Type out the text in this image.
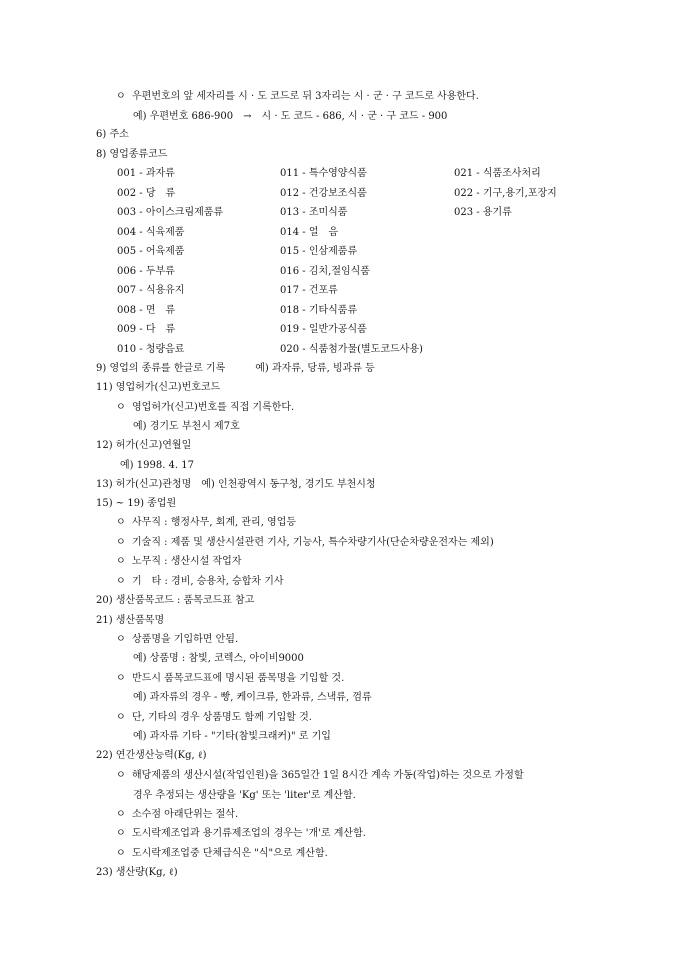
ㅇ 우편번호의 앞 세자리를 시 · 도 코드로 뒤 3자리는 시 · 군 · 구 코드로 사용한다.
예) 우편번호 686-900　→　시 · 도 코드 - 686, 시 · 군 · 구 코드 - 900
6) 주소
8) 영업종류코드
001 - 과자류
002 - 당　류
003 - 아이스크림제품류
004 - 식육제품
005 - 어육제품
006 - 두부류
007 - 식용유지
008 - 면　류
009 - 다　류
010 - 청량음료
011 - 특수영양식품
012 - 건강보조식품
013 - 조미식품
014 - 얼　음
015 - 인삼제품류
016 - 김치,절임식품
017 - 건포류
018 - 기타식품류
019 - 일반가공식품
020 - 식품첨가물(별도코드사용)
021 - 식품조사처리
022 - 기구,용기,포장지
023 - 용기류
9) 영업의 종류를 한글로 기록　　　예) 과자류, 당류, 빙과류 등
11) 영업허가(신고)번호코드
ㅇ 영업허가(신고)번호를 직접 기록한다.
예) 경기도 부천시 제7호
12) 허가(신고)연월일
예) 1998. 4. 17
13) 허가(신고)관청명　예) 인천광역시 동구청, 경기도 부천시청
15) ~ 19) 종업원
ㅇ 사무직 : 행정사무, 회계, 관리, 영업등
ㅇ 기술직 : 제품 및 생산시설관련 기사, 기능사, 특수차량기사(단순차량운전자는 제외)
ㅇ 노무직 : 생산시설 작업자
ㅇ 기　타 : 경비, 승용차, 승합차 기사
20) 생산품목코드 : 품목코드표 참고
21) 생산품목명
ㅇ 상품명을 기입하면 안됨.
예) 상품명 : 참빛, 코렉스, 아이비9000
ㅇ 반드시 품목코드표에 명시된 품목명을 기입할 것.
예) 과자류의 경우 - 빵, 케이크류, 한과류, 스낵류, 껌류
ㅇ 단, 기타의 경우 상품명도 함께 기입할 것.
예) 과자류 기타 - "기타(참빛크래커)" 로 기입
22) 연간생산능력(Kg, ℓ)
ㅇ 해당제품의 생산시설(작업인원)을 365일간 1일 8시간 계속 가동(작업)하는 것으로 가정할
경우 추정되는 생산량을 'Kg' 또는 'liter'로 계산함.
ㅇ 소수점 아래단위는 절삭.
ㅇ 도시락제조업과 용기류제조업의 경우는 '개'로 계산함.
ㅇ 도시락제조업중 단체급식은 "식"으로 계산함.
23) 생산량(Kg, ℓ)
